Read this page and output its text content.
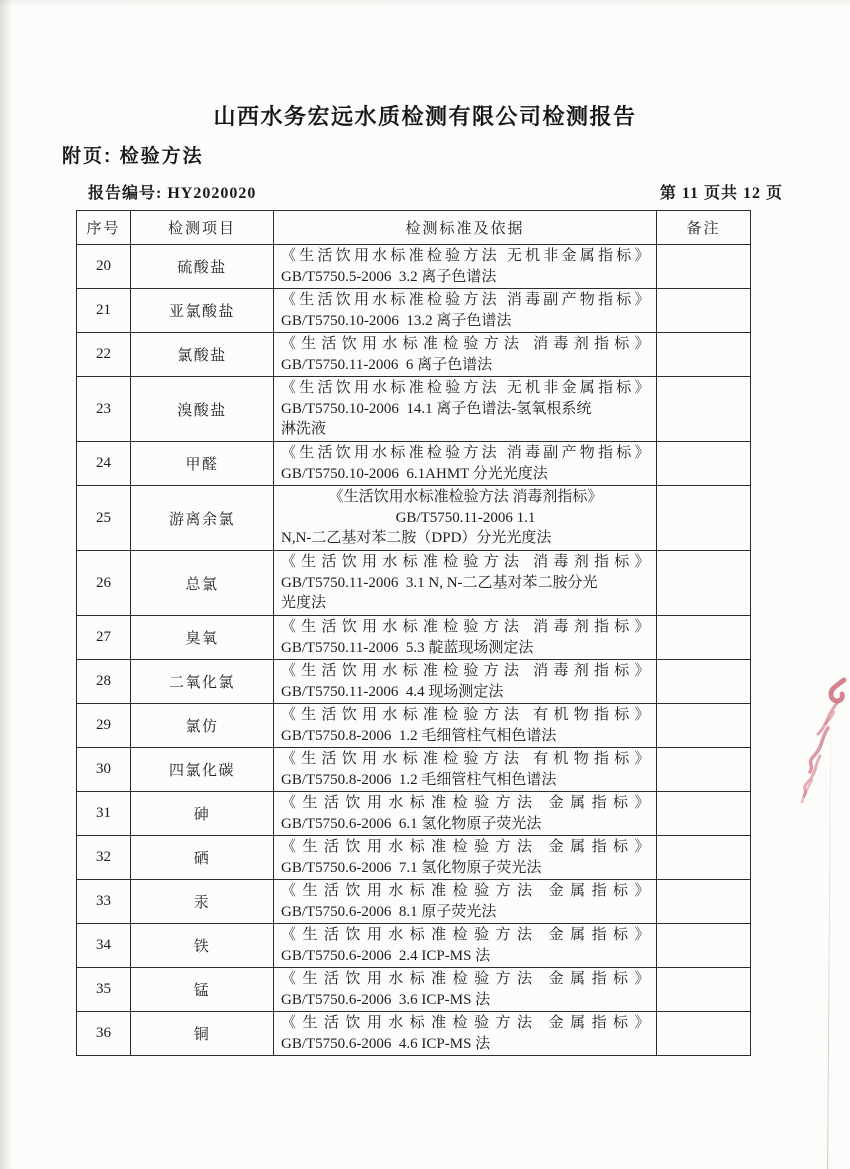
山西水务宏远水质检测有限公司检测报告
附页: 检验方法
报告编号: HY2020020	第 11 页共 12 页
序号	检测项目	检测标准及依据	备注
20	硫酸盐	《生活饮用水标准检验方法 无机非金属指标》
GB/T5750.5-2006  3.2 离子色谱法	

21	亚氯酸盐	《生活饮用水标准检验方法 消毒副产物指标》
GB/T5750.10-2006  13.2 离子色谱法	

22	氯酸盐	《生活饮用水标准检验方法 消毒剂指标》
GB/T5750.11-2006  6 离子色谱法	

23	溴酸盐	《生活饮用水标准检验方法 无机非金属指标》
GB/T5750.10-2006  14.1 离子色谱法-氢氧根系统
淋洗液	

24	甲醛	《生活饮用水标准检验方法 消毒副产物指标》
GB/T5750.10-2006  6.1AHMT 分光光度法	

25	游离余氯	《生活饮用水标准检验方法 消毒剂指标》
GB/T5750.11-2006 1.1
N,N-二乙基对苯二胺（DPD）分光光度法	

26	总氯	《生活饮用水标准检验方法 消毒剂指标》
GB/T5750.11-2006  3.1 N, N-二乙基对苯二胺分光
光度法	

27	臭氧	《生活饮用水标准检验方法 消毒剂指标》
GB/T5750.11-2006  5.3 靛蓝现场测定法	

28	二氧化氯	《生活饮用水标准检验方法 消毒剂指标》
GB/T5750.11-2006  4.4 现场测定法	

29	氯仿	《生活饮用水标准检验方法 有机物指标》
GB/T5750.8-2006  1.2 毛细管柱气相色谱法	

30	四氯化碳	《生活饮用水标准检验方法 有机物指标》
GB/T5750.8-2006  1.2 毛细管柱气相色谱法	

31	砷	《生活饮用水标准检验方法 金属指标》
GB/T5750.6-2006  6.1 氢化物原子荧光法	

32	硒	《生活饮用水标准检验方法 金属指标》
GB/T5750.6-2006  7.1 氢化物原子荧光法	

33	汞	《生活饮用水标准检验方法 金属指标》
GB/T5750.6-2006  8.1 原子荧光法	

34	铁	《生活饮用水标准检验方法 金属指标》
GB/T5750.6-2006  2.4 ICP-MS 法	

35	锰	《生活饮用水标准检验方法 金属指标》
GB/T5750.6-2006  3.6 ICP-MS 法	

36	铜	《生活饮用水标准检验方法 金属指标》
GB/T5750.6-2006  4.6 ICP-MS 法	
